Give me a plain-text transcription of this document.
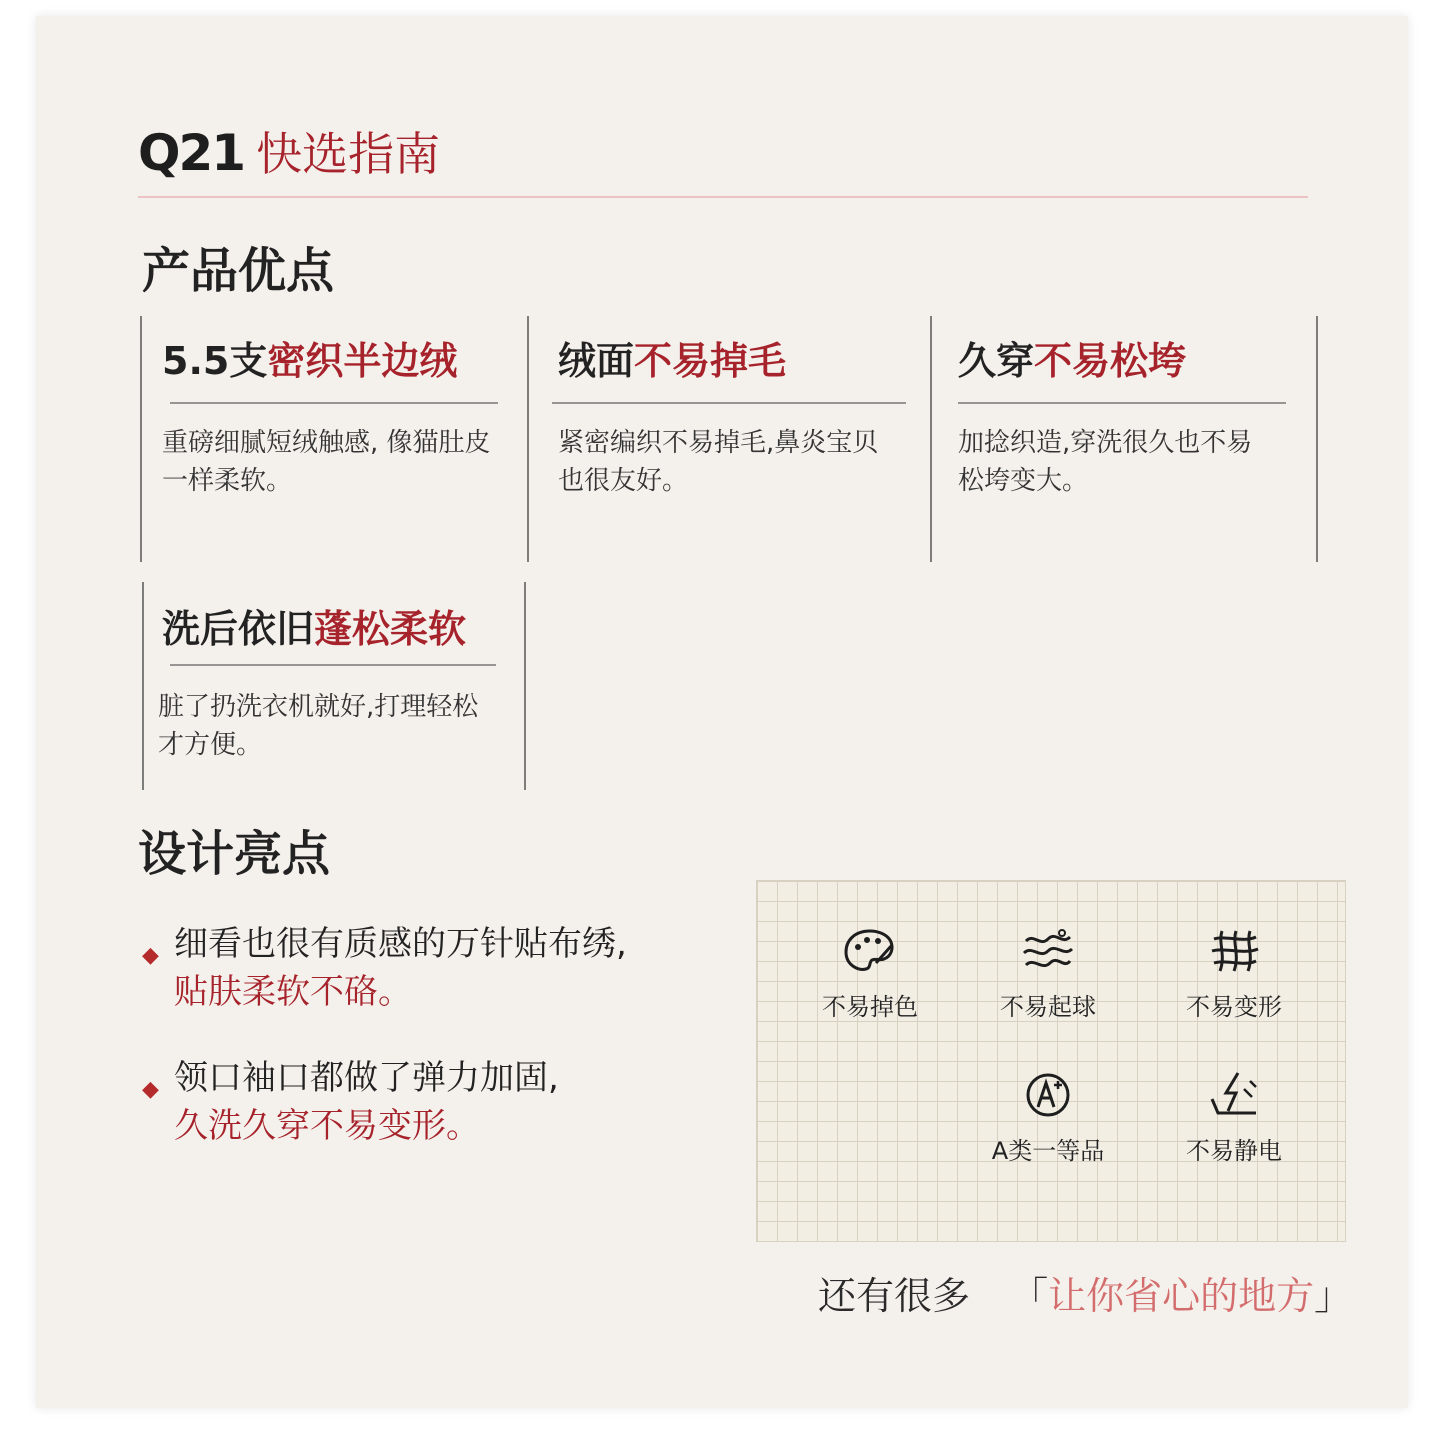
Q21 快选指南
产品优点
5.5支密织半边绒
重磅细腻短绒触感, 像猫肚皮
一样柔软。
绒面不易掉毛
紧密编织不易掉毛,鼻炎宝贝
也很友好。
久穿不易松垮
加捻织造,穿洗很久也不易
松垮变大。
洗后依旧蓬松柔软
脏了扔洗衣机就好,打理轻松
才方便。
设计亮点
◆ 细看也很有质感的万针贴布绣,
贴肤柔软不硌。
◆ 领口袖口都做了弹力加固,
久洗久穿不易变形。
不易掉色	不易起球	不易变形
A类一等品	不易静电
还有很多 「让你省心的地方」
